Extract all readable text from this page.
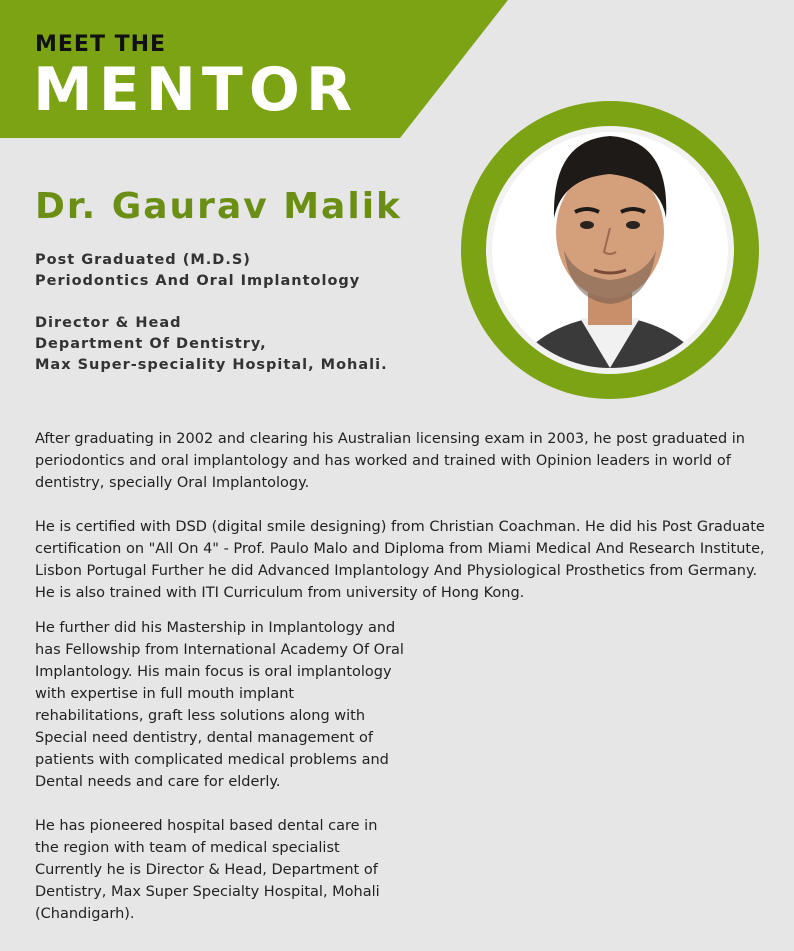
MEET THE
MENTOR
Dr. Gaurav Malik
Post Graduated (M.D.S)
Periodontics And Oral Implantology
Director & Head
Department Of Dentistry,
Max Super-speciality Hospital, Mohali.
After graduating in 2002 and clearing his Australian licensing exam in 2003, he post graduated in periodontics and oral implantology and has worked and trained with Opinion leaders in world of dentistry, specially Oral Implantology.
He is certified with DSD (digital smile designing) from Christian Coachman. He did his Post Graduate certification on "All On 4" - Prof. Paulo Malo and Diploma from Miami Medical And Research Institute, Lisbon Portugal Further he did Advanced Implantology And Physiological Prosthetics from Germany. He is also trained with ITI Curriculum from university of Hong Kong.
He further did his Mastership in Implantology and has Fellowship from International Academy Of Oral Implantology. His main focus is oral implantology with expertise in full mouth implant rehabilitations, graft less solutions along with Special need dentistry, dental management of patients with complicated medical problems and Dental needs and care for elderly.
He has pioneered hospital based dental care in the region with team of medical specialist Currently he is Director & Head, Department of Dentistry, Max Super Specialty Hospital, Mohali (Chandigarh).
